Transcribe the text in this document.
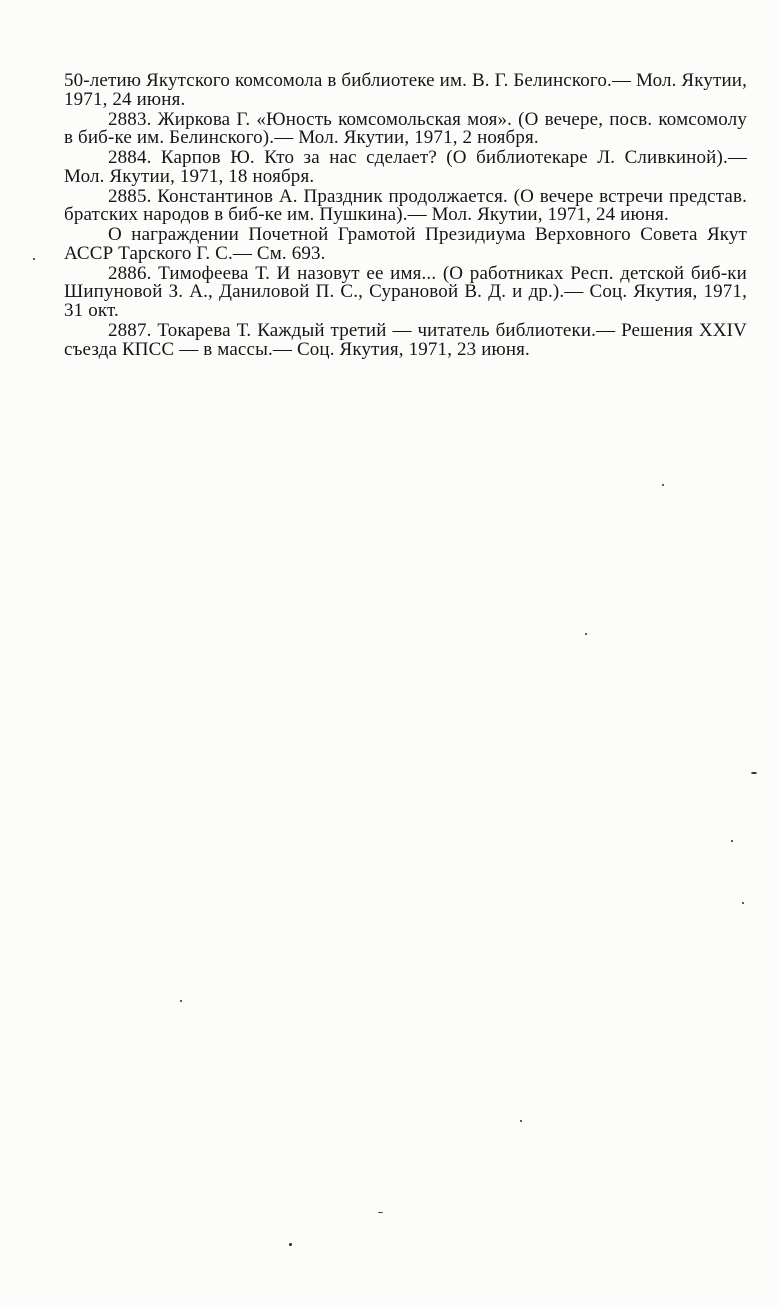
50-летию Якутского комсомола в библиотеке им. В. Г. Белинского.— Мол. Якутии, 1971, 24 июня.

2883. Жиркова Г. «Юность комсомольская моя». (О вечере, посв. комсомолу в биб-ке им. Белинского).— Мол. Якутии, 1971, 2 ноября.

2884. Карпов Ю. Кто за нас сделает? (О библиотекаре Л. Сливкиной).— Мол. Якутии, 1971, 18 ноября.

2885. Константинов А. Праздник продолжается. (О вечере встречи представ. братских народов в биб-ке им. Пушкина).— Мол. Якутии, 1971, 24 июня.

О награждении Почетной Грамотой Президиума Верховного Совета Якут АССР Тарского Г. С.— См. 693.

2886. Тимофеева Т. И назовут ее имя... (О работниках Респ. детской биб-ки Шипуновой З. А., Даниловой П. С., Сурановой В. Д. и др.).— Соц. Якутия, 1971, 31 окт.

2887. Токарева Т. Каждый третий — читатель библиотеки.— Решения XXIV съезда КПСС — в массы.— Соц. Якутия, 1971, 23 июня.
